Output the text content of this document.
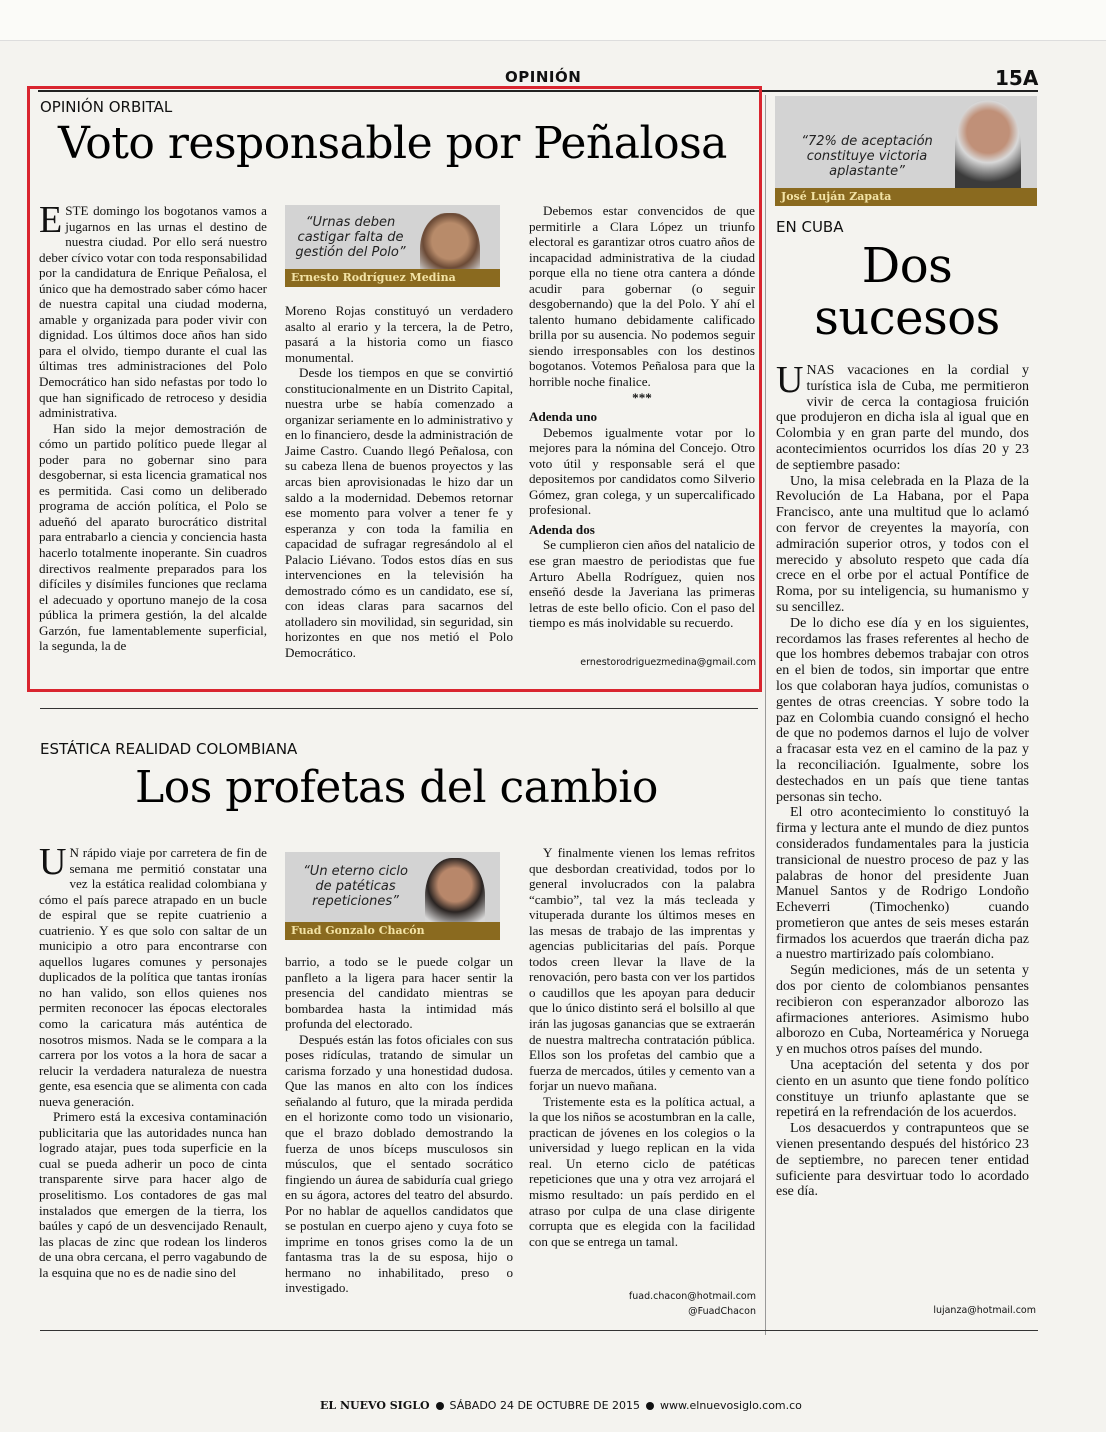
OPINIÓN	15A
OPINIÓN ORBITAL
Voto responsable por Peñalosa

ESTE domingo los bogotanos vamos a jugarnos en las urnas el destino de nuestra ciudad. Por ello será nuestro deber cívico votar con toda responsabilidad por la candidatura de Enrique Peñalosa, el único que ha demostrado saber cómo hacer de nuestra capital una ciudad moderna, amable y organizada para poder vivir con dignidad. Los últimos doce años han sido para el olvido, tiempo durante el cual las últimas tres administraciones del Polo Democrático han sido nefastas por todo lo que han significado de retroceso y desidia administrativa.

Han sido la mejor demostración de cómo un partido político puede llegar al poder para no gobernar sino para desgobernar, si esta licencia gramatical nos es permitida. Casi como un deliberado programa de acción política, el Polo se adueñó del aparato burocrático distrital para entrabarlo a ciencia y conciencia hasta hacerlo totalmente inoperante. Sin cuadros directivos realmente preparados para los difíciles y disímiles funciones que reclama el adecuado y oportuno manejo de la cosa pública la primera gestión, la del alcalde Garzón, fue lamentablemente superficial, la segunda, la de

“Urnas deben castigar falta de gestión del Polo”
Ernesto Rodríguez Medina

Moreno Rojas constituyó un verdadero asalto al erario y la tercera, la de Petro, pasará a la historia como un fiasco monumental.

Desde los tiempos en que se convirtió constitucionalmente en un Distrito Capital, nuestra urbe se había comenzado a organizar seriamente en lo administrativo y en lo financiero, desde la administración de Jaime Castro. Cuando llegó Peñalosa, con su cabeza llena de buenos proyectos y las arcas bien aprovisionadas le hizo dar un saldo a la modernidad. Debemos retornar ese momento para volver a tener fe y esperanza y con toda la familia en capacidad de sufragar regresándolo al el Palacio Liévano. Todos estos días en sus intervenciones en la televisión ha demostrado cómo es un candidato, ese sí, con ideas claras para sacarnos del atolladero sin movilidad, sin seguridad, sin horizontes en que nos metió el Polo Democrático.

Debemos estar convencidos de que permitirle a Clara López un triunfo electoral es garantizar otros cuatro años de incapacidad administrativa de la ciudad porque ella no tiene otra cantera a dónde acudir para gobernar (o seguir desgobernando) que la del Polo. Y ahí el talento humano debidamente calificado brilla por su ausencia. No podemos seguir siendo irresponsables con los destinos bogotanos. Votemos Peñalosa para que la horrible noche finalice.

***

Adenda uno

Debemos igualmente votar por lo mejores para la nómina del Concejo. Otro voto útil y responsable será el que depositemos por candidatos como Silverio Gómez, gran colega, y un supercalificado profesional.

Adenda dos

Se cumplieron cien años del natalicio de ese gran maestro de periodistas que fue Arturo Abella Rodríguez, quien nos enseñó desde la Javeriana las primeras letras de este bello oficio. Con el paso del tiempo es más inolvidable su recuerdo.

ernestorodriguezmedina@gmail.com
ESTÁTICA REALIDAD COLOMBIANA
Los profetas del cambio

U N rápido viaje por carretera de fin de semana me permitió constatar una vez la estática realidad colombiana y cómo el país parece atrapado en un bucle de espiral que se repite cuatrienio a cuatrienio. Y es que solo con saltar de un municipio a otro para encontrarse con aquellos lugares comunes y personajes duplicados de la política que tantas ironías no han valido, son ellos quienes nos permiten reconocer las épocas electorales como la caricatura más auténtica de nosotros mismos. Nada se le compara a la carrera por los votos a la hora de sacar a relucir la verdadera naturaleza de nuestra gente, esa esencia que se alimenta con cada nueva generación.

Primero está la excesiva contaminación publicitaria que las autoridades nunca han logrado atajar, pues toda superficie en la cual se pueda adherir un poco de cinta transparente sirve para hacer algo de proselitismo. Los contadores de gas mal instalados que emergen de la tierra, los baúles y capó de un desvencijado Renault, las placas de zinc que rodean los linderos de una obra cercana, el perro vagabundo de la esquina que no es de nadie sino del

“Un eterno ciclo de patéticas repeticiones”
Fuad Gonzalo Chacón

barrio, a todo se le puede colgar un panfleto a la ligera para hacer sentir la presencia del candidato mientras se bombardea hasta la intimidad más profunda del electorado.

Después están las fotos oficiales con sus poses ridículas, tratando de simular un carisma forzado y una honestidad dudosa. Que las manos en alto con los índices señalando al futuro, que la mirada perdida en el horizonte como todo un visionario, que el brazo doblado demostrando la fuerza de unos bíceps musculosos sin músculos, que el sentado socrático fingiendo un áurea de sabiduría cual griego en su ágora, actores del teatro del absurdo. Por no hablar de aquellos candidatos que se postulan en cuerpo ajeno y cuya foto se imprime en tonos grises como la de un fantasma tras la de su esposa, hijo o hermano no inhabilitado, preso o investigado.

Y finalmente vienen los lemas refritos que desbordan creatividad, todos por lo general involucrados con la palabra “cambio”, tal vez la más tecleada y vituperada durante los últimos meses en las mesas de trabajo de las imprentas y agencias publicitarias del país. Porque todos creen llevar la llave de la renovación, pero basta con ver los partidos o caudillos que les apoyan para deducir que lo único distinto será el bolsillo al que irán las jugosas ganancias que se extraerán de nuestra maltrecha contratación pública. Ellos son los profetas del cambio que a fuerza de mercados, útiles y cemento van a forjar un nuevo mañana.

Tristemente esta es la política actual, a la que los niños se acostumbran en la calle, practican de jóvenes en los colegios o la universidad y luego replican en la vida real. Un eterno ciclo de patéticas repeticiones que una y otra vez arrojará el mismo resultado: un país perdido en el atraso por culpa de una clase dirigente corrupta que es elegida con la facilidad con que se entrega un tamal.

fuad.chacon@hotmail.com
@FuadChacon
“72% de aceptación constituye victoria aplastante”
José Luján Zapata
EN CUBA
Dos
sucesos

UNAS vacaciones en la cordial y turística isla de Cuba, me permitieron vivir de cerca la contagiosa fruición que produjeron en dicha isla al igual que en Colombia y en gran parte del mundo, dos acontecimientos ocurridos los días 20 y 23 de septiembre pasado:

Uno, la misa celebrada en la Plaza de la Revolución de La Habana, por el Papa Francisco, ante una multitud que lo aclamó con fervor de creyentes la mayoría, con admiración superior otros, y todos con el merecido y absoluto respeto que cada día crece en el orbe por el actual Pontífice de Roma, por su inteligencia, su humanismo y su sencillez.

De lo dicho ese día y en los siguientes, recordamos las frases referentes al hecho de que los hombres debemos trabajar con otros en el bien de todos, sin importar que entre los que colaboran haya judíos, comunistas o gentes de otras creencias. Y sobre todo la paz en Colombia cuando consignó el hecho de que no podemos darnos el lujo de volver a fracasar esta vez en el camino de la paz y la reconciliación. Igualmente, sobre los destechados en un país que tiene tantas personas sin techo.

El otro acontecimiento lo constituyó la firma y lectura ante el mundo de diez puntos considerados fundamentales para la justicia transicional de nuestro proceso de paz y las palabras de honor del presidente Juan Manuel Santos y de Rodrigo Londoño Echeverri (Timochenko) cuando prometieron que antes de seis meses estarán firmados los acuerdos que traerán dicha paz a nuestro martirizado país colombiano.

Según mediciones, más de un setenta y dos por ciento de colombianos pensantes recibieron con esperanzador alborozo las afirmaciones anteriores. Asimismo hubo alborozo en Cuba, Norteamérica y Noruega y en muchos otros países del mundo.

Una aceptación del setenta y dos por ciento en un asunto que tiene fondo político constituye un triunfo aplastante que se repetirá en la refrendación de los acuerdos.

Los desacuerdos y contrapunteos que se vienen presentando después del histórico 23 de septiembre, no parecen tener entidad suficiente para desvirtuar todo lo acordado ese día.

lujanza@hotmail.com
EL NUEVO SIGLO SÁBADO 24 DE OCTUBRE DE 2015 www.elnuevosiglo.com.co
